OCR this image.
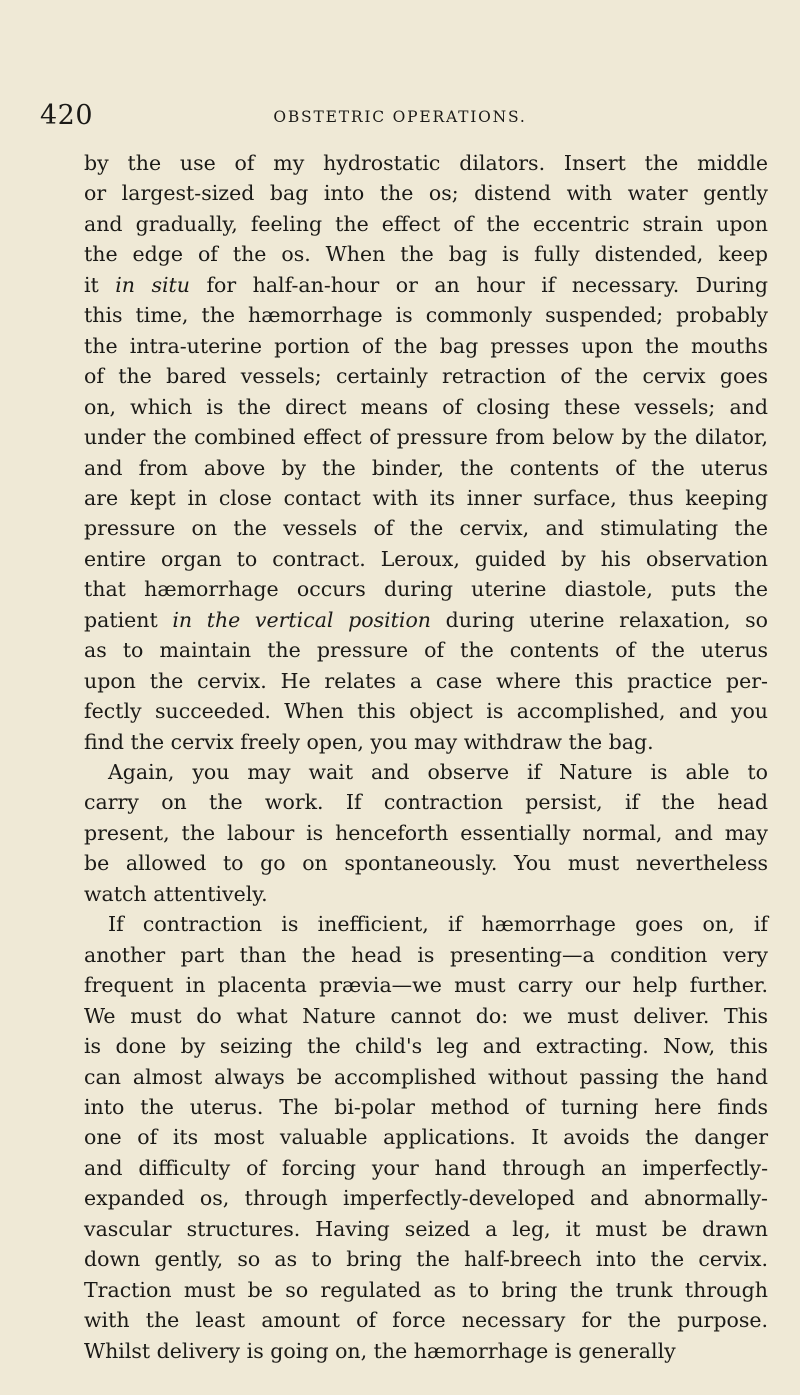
420	OBSTETRIC OPERATIONS.
by the use of my hydrostatic dilators. Insert the middle
or largest-sized bag into the os; distend with water gently
and gradually, feeling the effect of the eccentric strain upon
the edge of the os. When the bag is fully distended, keep
it in situ for half-an-hour or an hour if necessary. During
this time, the hæmorrhage is commonly suspended; probably
the intra-uterine portion of the bag presses upon the mouths
of the bared vessels; certainly retraction of the cervix goes
on, which is the direct means of closing these vessels; and
under the combined effect of pressure from below by the dilator,
and from above by the binder, the contents of the uterus
are kept in close contact with its inner surface, thus keeping
pressure on the vessels of the cervix, and stimulating the
entire organ to contract. Leroux, guided by his observation
that hæmorrhage occurs during uterine diastole, puts the
patient in the vertical position during uterine relaxation, so
as to maintain the pressure of the contents of the uterus
upon the cervix. He relates a case where this practice per-
fectly succeeded. When this object is accomplished, and you
find the cervix freely open, you may withdraw the bag.
Again, you may wait and observe if Nature is able to
carry on the work. If contraction persist, if the head
present, the labour is henceforth essentially normal, and may
be allowed to go on spontaneously. You must nevertheless
watch attentively.
If contraction is inefficient, if hæmorrhage goes on, if
another part than the head is presenting—a condition very
frequent in placenta prævia—we must carry our help further.
We must do what Nature cannot do: we must deliver. This
is done by seizing the child's leg and extracting. Now, this
can almost always be accomplished without passing the hand
into the uterus. The bi-polar method of turning here finds
one of its most valuable applications. It avoids the danger
and difficulty of forcing your hand through an imperfectly-
expanded os, through imperfectly-developed and abnormally-
vascular structures. Having seized a leg, it must be drawn
down gently, so as to bring the half-breech into the cervix.
Traction must be so regulated as to bring the trunk through
with the least amount of force necessary for the purpose.
Whilst delivery is going on, the hæmorrhage is generally
